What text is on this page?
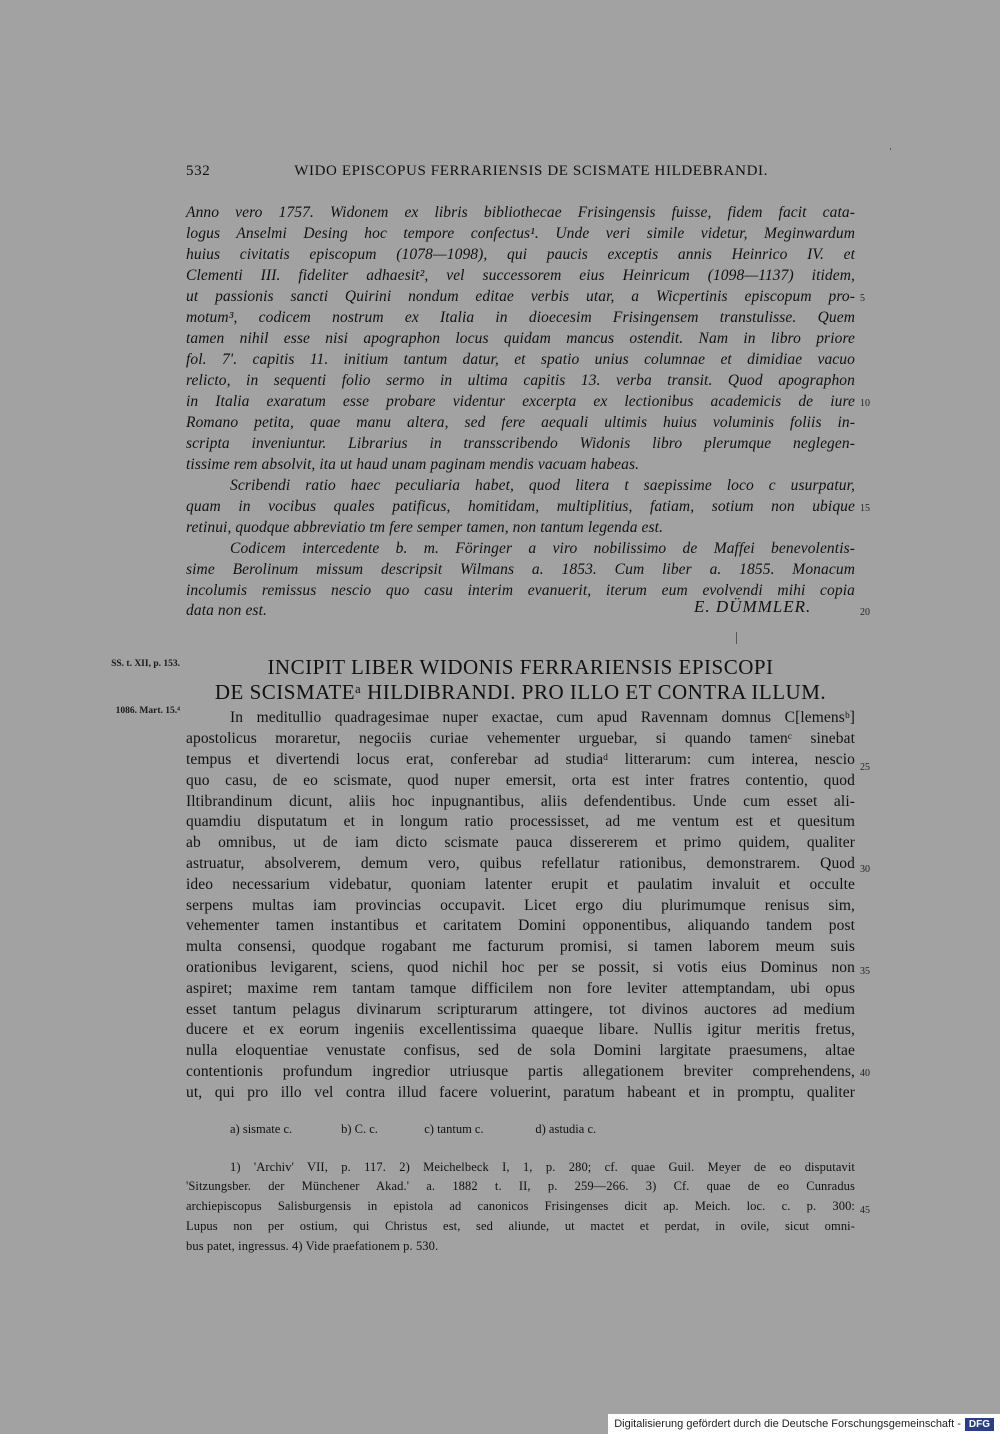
532	WIDO EPISCOPUS FERRARIENSIS DE SCISMATE HILDEBRANDI.
Anno vero 1757. Widonem ex libris bibliothecae Frisingensis fuisse, fidem facit cata-
logus Anselmi Desing hoc tempore confectus¹. Unde veri simile videtur, Meginwardum
huius civitatis episcopum (1078—1098), qui paucis exceptis annis Heinrico IV. et
Clementi III. fideliter adhaesit², vel successorem eius Heinricum (1098—1137) itidem,
ut passionis sancti Quirini nondum editae verbis utar, a Wicpertinis episcopum pro-
motum³, codicem nostrum ex Italia in dioecesim Frisingensem transtulisse. Quem
tamen nihil esse nisi apographon locus quidam mancus ostendit. Nam in libro priore
fol. 7'. capitis 11. initium tantum datur, et spatio unius columnae et dimidiae vacuo
relicto, in sequenti folio sermo in ultima capitis 13. verba transit. Quod apographon
in Italia exaratum esse probare videntur excerpta ex lectionibus academicis de iure
Romano petita, quae manu altera, sed fere aequali ultimis huius voluminis foliis in-
scripta inveniuntur. Librarius in transscribendo Widonis libro plerumque neglegen-
tissime rem absolvit, ita ut haud unam paginam mendis vacuam habeas.
Scribendi ratio haec peculiaria habet, quod litera t saepissime loco c usurpatur,
quam in vocibus quales patificus, homitidam, multiplitius, fatiam, sotium non ubique
retinui, quodque abbreviatio tm fere semper tamen, non tantum legenda est.
Codicem intercedente b. m. Föringer a viro nobilissimo de Maffei benevolentis-
sime Berolinum missum descripsit Wilmans a. 1853. Cum liber a. 1855. Monacum
incolumis remissus nescio quo casu interim evanuerit, iterum eum evolvendi mihi copia
data non est.	E. DÜMMLER.
5
10
15
20
25
30
35
40
45
SS. t. XII, p. 153.
1086. Mart. 15.⁴
INCIPIT LIBER WIDONIS FERRARIENSIS EPISCOPI
DE SCISMATEᵃ HILDIBRANDI. PRO ILLO ET CONTRA ILLUM.
In meditullio quadragesimae nuper exactae, cum apud Ravennam domnus C[lemensᵇ]
apostolicus moraretur, negociis curiae vehementer urguebar, si quando tamenᶜ sinebat
tempus et divertendi locus erat, conferebar ad studiaᵈ litterarum: cum interea, nescio
quo casu, de eo scismate, quod nuper emersit, orta est inter fratres contentio, quod
Iltibrandinum dicunt, aliis hoc inpugnantibus, aliis defendentibus. Unde cum esset ali-
quamdiu disputatum et in longum ratio processisset, ad me ventum est et quesitum
ab omnibus, ut de iam dicto scismate pauca dissererem et primo quidem, qualiter
astruatur, absolverem, demum vero, quibus refellatur rationibus, demonstrarem. Quod
ideo necessarium videbatur, quoniam latenter erupit et paulatim invaluit et occulte
serpens multas iam provincias occupavit. Licet ergo diu plurimumque renisus sim,
vehementer tamen instantibus et caritatem Domini opponentibus, aliquando tandem post
multa consensi, quodque rogabant me facturum promisi, si tamen laborem meum suis
orationibus levigarent, sciens, quod nichil hoc per se possit, si votis eius Dominus non
aspiret; maxime rem tantam tamque difficilem non fore leviter attemptandam, ubi opus
esset tantum pelagus divinarum scripturarum attingere, tot divinos auctores ad medium
ducere et ex eorum ingeniis excellentissima quaeque libare. Nullis igitur meritis fretus,
nulla eloquentiae venustate confisus, sed de sola Domini largitate praesumens, altae
contentionis profundum ingredior utriusque partis allegationem breviter comprehendens,
ut, qui pro illo vel contra illud facere voluerint, paratum habeant et in promptu, qualiter
a) sismate c.	b) C. c.	c) tantum c.	d) astudia c.
1) 'Archiv' VII, p. 117. 2) Meichelbeck I, 1, p. 280; cf. quae Guil. Meyer de eo disputavit
'Sitzungsber. der Münchener Akad.' a. 1882 t. II, p. 259—266. 3) Cf. quae de eo Cunradus
archiepiscopus Salisburgensis in epistola ad canonicos Frisingenses dicit ap. Meich. loc. c. p. 300:
Lupus non per ostium, qui Christus est, sed aliunde, ut mactet et perdat, in ovile, sicut omni-
bus patet, ingressus. 4) Vide praefationem p. 530.
Digitalisierung gefördert durch die Deutsche Forschungsgemeinschaft - DFG
